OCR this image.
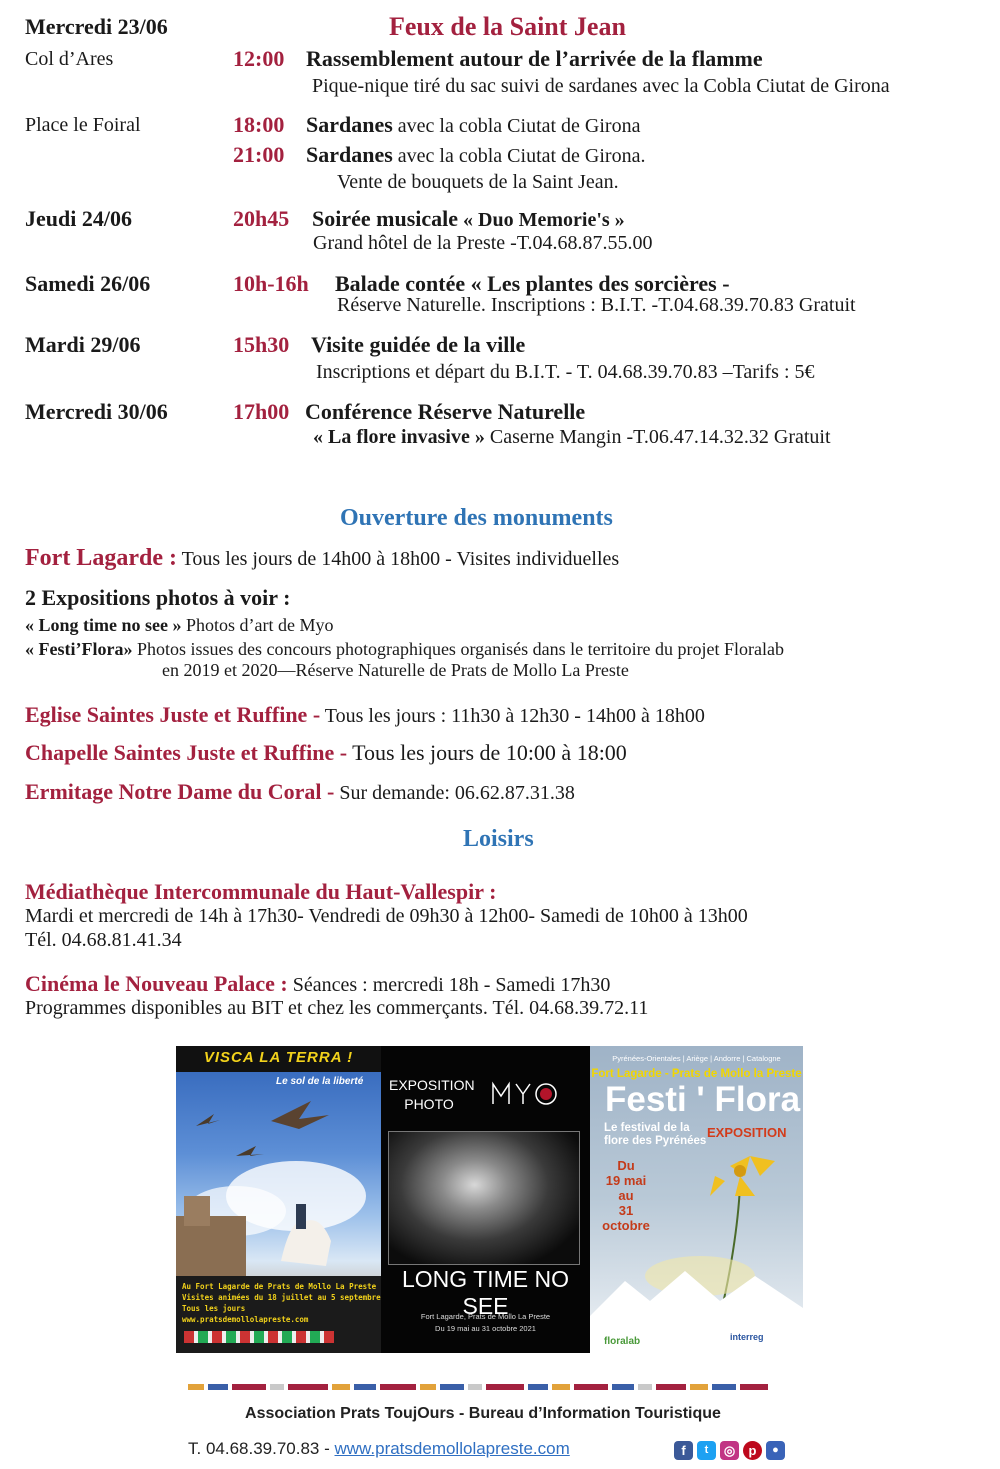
Mercredi 23/06	Feux de la Saint Jean
Col d’Ares	12:00 Rassemblement autour de l’arrivée de la flamme
Pique-nique tiré du sac suivi de sardanes avec la Cobla Ciutat de Girona
Place le Foiral	18:00 Sardanes avec la cobla Ciutat de Girona
21:00 Sardanes avec la cobla Ciutat de Girona.
Vente de bouquets de la Saint Jean.
Jeudi 24/06	20h45 Soirée musicale « Duo Memorie's »
Grand hôtel de la Preste -T.04.68.87.55.00
Samedi 26/06	10h-16h Balade contée « Les plantes des sorcières -
Réserve Naturelle. Inscriptions : B.I.T. -T.04.68.39.70.83 Gratuit
Mardi 29/06	15h30 Visite guidée de la ville
Inscriptions et départ du B.I.T. - T. 04.68.39.70.83 –Tarifs : 5€
Mercredi 30/06	17h00 Conférence Réserve Naturelle
« La flore invasive » Caserne Mangin -T.06.47.14.32.32 Gratuit
Ouverture des monuments
Fort Lagarde : Tous les jours de 14h00 à 18h00 - Visites individuelles
2 Expositions photos à voir :
« Long time no see » Photos d’art de Myo
« Festi’Flora» Photos issues des concours photographiques organisés dans le territoire du projet Floralab
en 2019 et 2020—Réserve Naturelle de Prats de Mollo La Preste
Eglise Saintes Juste et Ruffine - Tous les jours : 11h30 à 12h30 - 14h00 à 18h00
Chapelle Saintes Juste et Ruffine - Tous les jours de 10:00 à 18:00
Ermitage Notre Dame du Coral - Sur demande: 06.62.87.31.38
Loisirs
Médiathèque Intercommunale du Haut-Vallespir :
Mardi et mercredi de 14h à 17h30- Vendredi de 09h30 à 12h00- Samedi de 10h00 à 13h00
Tél. 04.68.81.41.34
Cinéma le Nouveau Palace : Séances : mercredi 18h - Samedi 17h30
Programmes disponibles au BIT et chez les commerçants. Tél. 04.68.39.72.11
VISCA LA TERRA !
Le sol de la liberté
Au Fort Lagarde de Prats de Mollo La Preste
Visites animées du 18 juillet au 5 septembre
Tous les jours
www.pratsdemollolapreste.com
EXPOSITION PHOTO
LONG TIME NO SEE
Fort Lagarde, Prats de Mollo La Preste
Du 19 mai au 31 octobre 2021
Pyrénées-Orientales | Ariège | Andorre | Catalogne
Fort Lagarde - Prats de Mollo la Preste
Festi ' Flora
Le festival de la
flore des Pyrénées
EXPOSITION
Du
19 mai
au
31 octobre
floralab	interreg
Association Prats ToujOurs - Bureau d’Information Touristique
T. 04.68.39.70.83 - www.pratsdemollolapreste.com	f	t	◎	p	●
